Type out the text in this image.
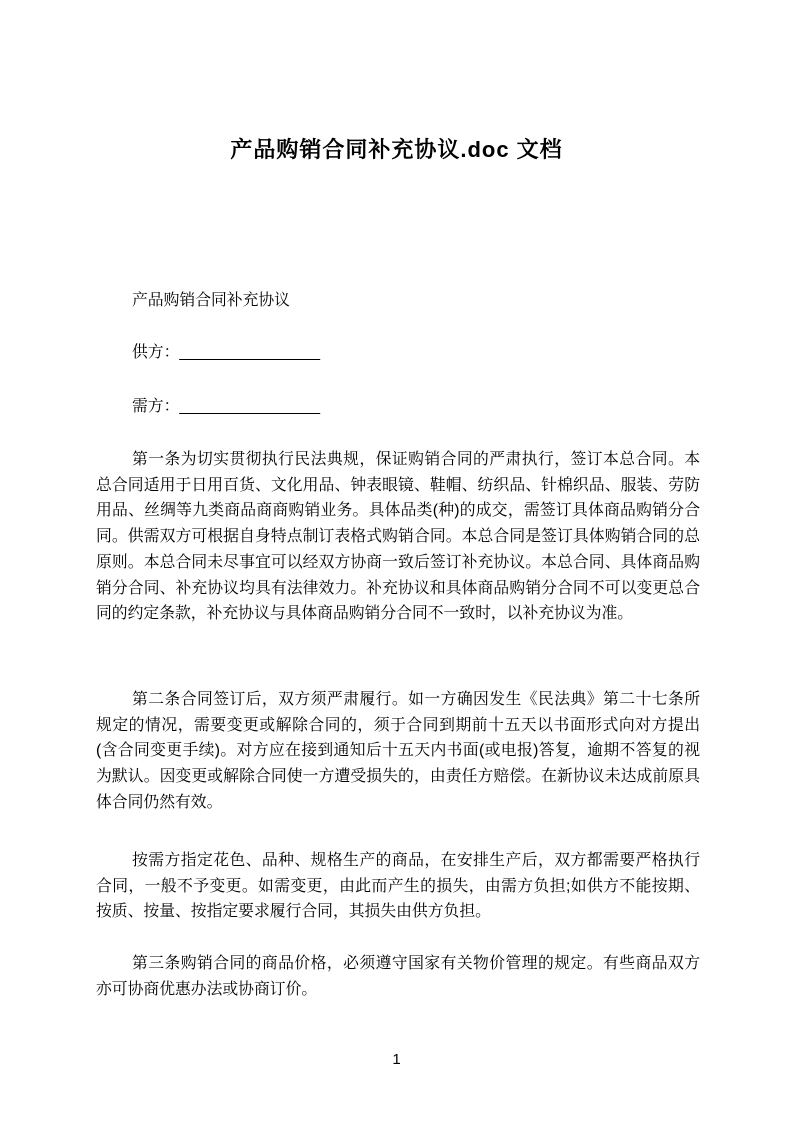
产品购销合同补充协议.doc 文档
产品购销合同补充协议
供方：________________
需方：________________

第一条为切实贯彻执行民法典规，保证购销合同的严肃执行，签订本总合同。本总合同适用于日用百货、文化用品、钟表眼镜、鞋帽、纺织品、针棉织品、服装、劳防用品、丝绸等九类商品商商购销业务。具体品类(种)的成交，需签订具体商品购销分合同。供需双方可根据自身特点制订表格式购销合同。本总合同是签订具体购销合同的总原则。本总合同未尽事宜可以经双方协商一致后签订补充协议。本总合同、具体商品购销分合同、补充协议均具有法律效力。补充协议和具体商品购销分合同不可以变更总合同的约定条款，补充协议与具体商品购销分合同不一致时，以补充协议为准。

第二条合同签订后，双方须严肃履行。如一方确因发生《民法典》第二十七条所规定的情况，需要变更或解除合同的，须于合同到期前十五天以书面形式向对方提出(含合同变更手续)。对方应在接到通知后十五天内书面(或电报)答复，逾期不答复的视为默认。因变更或解除合同使一方遭受损失的，由责任方赔偿。在新协议未达成前原具体合同仍然有效。

按需方指定花色、品种、规格生产的商品，在安排生产后，双方都需要严格执行合同，一般不予变更。如需变更，由此而产生的损失，由需方负担;如供方不能按期、按质、按量、按指定要求履行合同，其损失由供方负担。

第三条购销合同的商品价格，必须遵守国家有关物价管理的规定。有些商品双方亦可协商优惠办法或协商订价。

1
